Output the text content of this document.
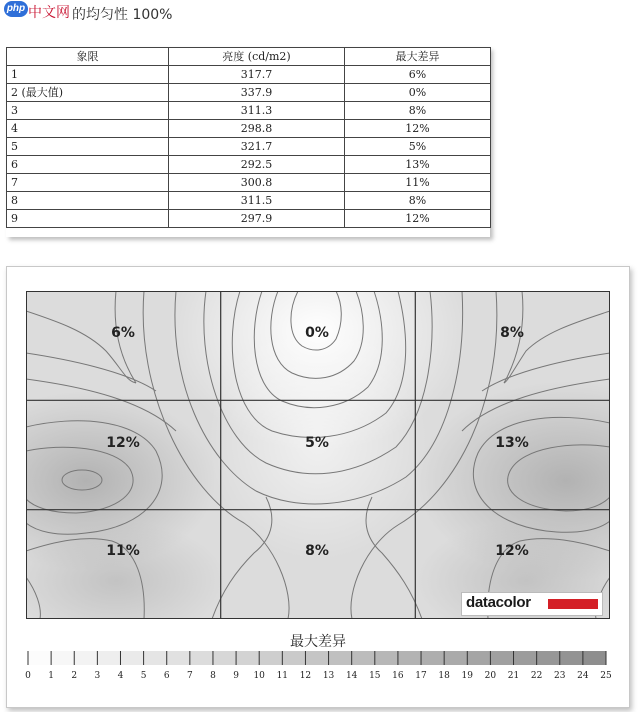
php 中文网 的均匀性 100%
象限	亮度 (cd/m2)	最大差异
1	317.7	6%
2 (最大值)	337.9	0%
3	311.3	8%
4	298.8	12%
5	321.7	5%
6	292.5	13%
7	300.8	11%
8	311.5	8%
9	297.9	12%
6%	0%	8%
12%	5%	13%
11%	8%	12%
datacolor
最大差异
0 1 2 3 4 5 6 7 8 9 10 11 12 13 14 15 16 17 18 19 20 21 22 23 24 25
